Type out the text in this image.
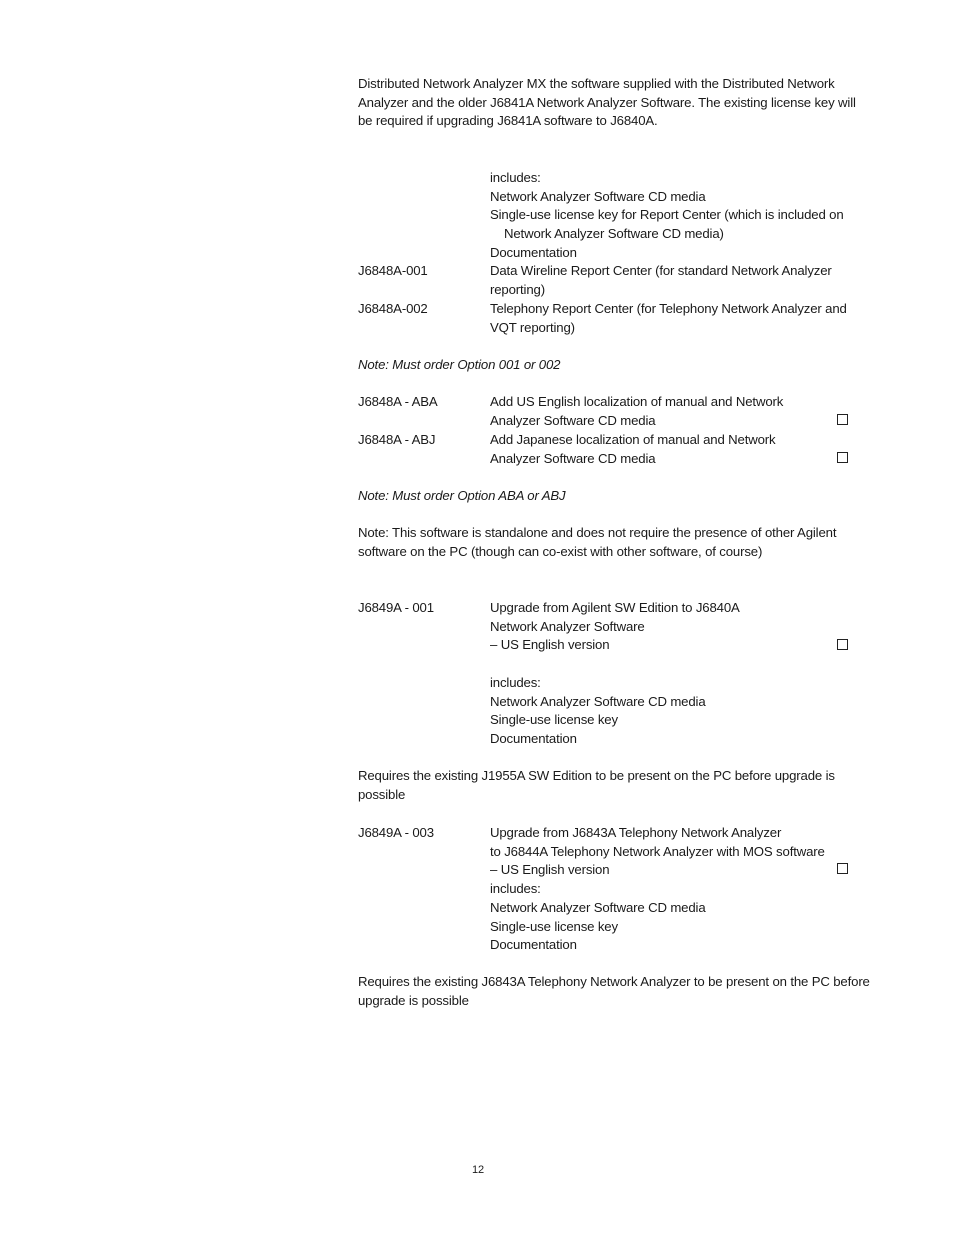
Distributed Network Analyzer MX the software supplied with the Distributed Network
Analyzer and the older J6841A Network Analyzer Software. The existing license key will
be required if upgrading J6841A software to J6840A.
includes:
Network Analyzer Software CD media
Single-use license key for Report Center (which is included on
Network Analyzer Software CD media)
Documentation
J6848A-001	Data Wireline Report Center (for standard Network Analyzer
reporting)
J6848A-002	Telephony Report Center (for Telephony Network Analyzer and
VQT reporting)
Note: Must order Option 001 or 002
J6848A - ABA	Add US English localization of manual and Network
Analyzer Software CD media
J6848A - ABJ	Add Japanese localization of manual and Network
Analyzer Software CD media
Note: Must order Option ABA or ABJ
Note: This software is standalone and does not require the presence of other Agilent
software on the PC (though can co-exist with other software, of course)
J6849A - 001	Upgrade from Agilent SW Edition to J6840A
Network Analyzer Software
– US English version
includes:
Network Analyzer Software CD media
Single-use license key
Documentation
Requires the existing J1955A SW Edition to be present on the PC before upgrade is
possible
J6849A - 003	Upgrade from J6843A Telephony Network Analyzer
to J6844A Telephony Network Analyzer with MOS software
– US English version
includes:
Network Analyzer Software CD media
Single-use license key
Documentation
Requires the existing J6843A Telephony Network Analyzer to be present on the PC before
upgrade is possible
12
